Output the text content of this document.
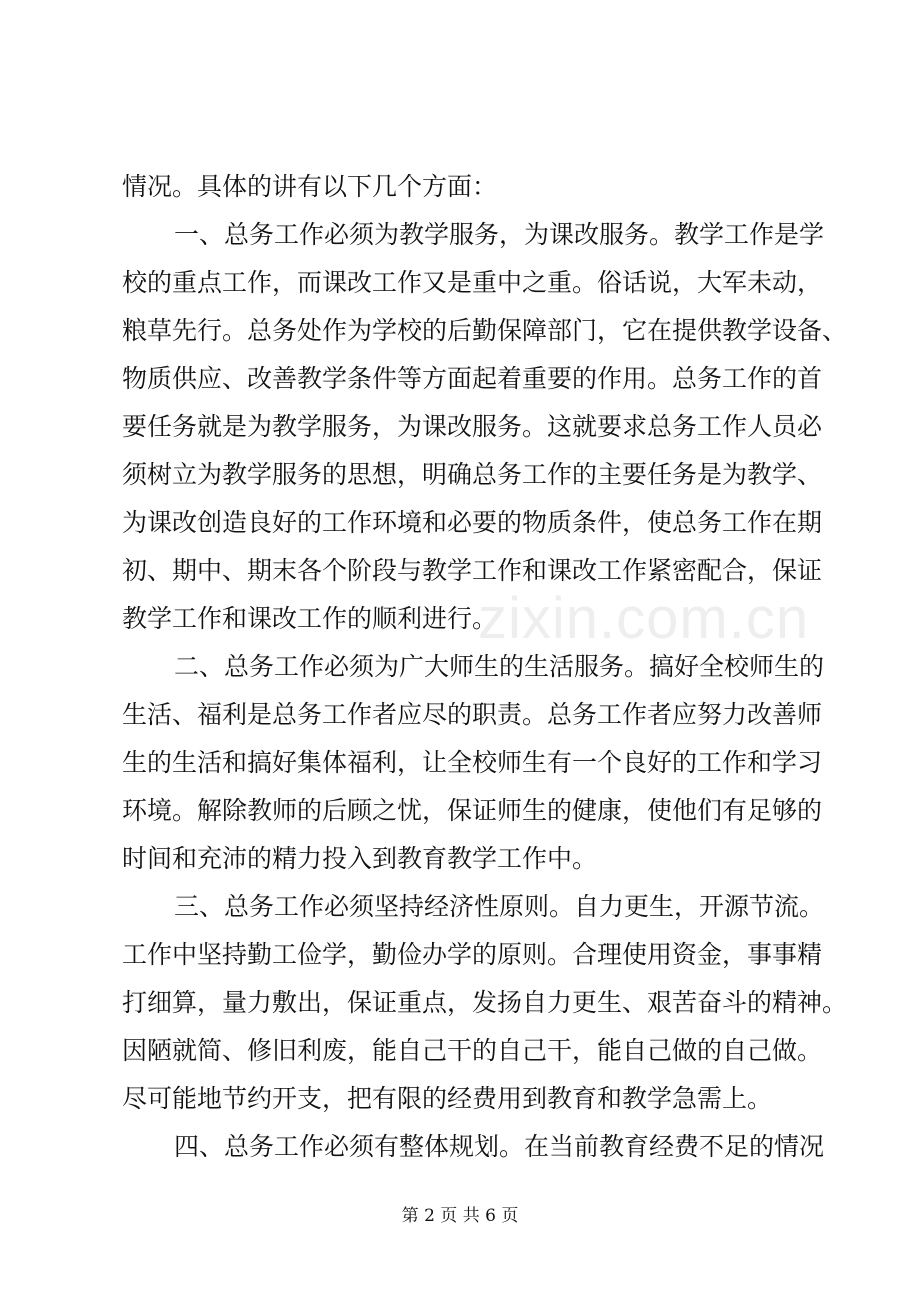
zixin.com.cn
情况。具体的讲有以下几个方面：
一、总务工作必须为教学服务，为课改服务。教学工作是学
校的重点工作，而课改工作又是重中之重。俗话说，大军未动，
粮草先行。总务处作为学校的后勤保障部门，它在提供教学设备、
物质供应、改善教学条件等方面起着重要的作用。总务工作的首
要任务就是为教学服务，为课改服务。这就要求总务工作人员必
须树立为教学服务的思想，明确总务工作的主要任务是为教学、
为课改创造良好的工作环境和必要的物质条件，使总务工作在期
初、期中、期末各个阶段与教学工作和课改工作紧密配合，保证
教学工作和课改工作的顺利进行。
二、总务工作必须为广大师生的生活服务。搞好全校师生的
生活、福利是总务工作者应尽的职责。总务工作者应努力改善师
生的生活和搞好集体福利，让全校师生有一个良好的工作和学习
环境。解除教师的后顾之忧，保证师生的健康，使他们有足够的
时间和充沛的精力投入到教育教学工作中。
三、总务工作必须坚持经济性原则。自力更生，开源节流。
工作中坚持勤工俭学，勤俭办学的原则。合理使用资金，事事精
打细算，量力敷出，保证重点，发扬自力更生、艰苦奋斗的精神。
第 2 页 共 6 页
因陋就简、修旧利废，能自己干的自己干，能自己做的自己做。
尽可能地节约开支，把有限的经费用到教育和教学急需上。
四、总务工作必须有整体规划。在当前教育经费不足的情况
